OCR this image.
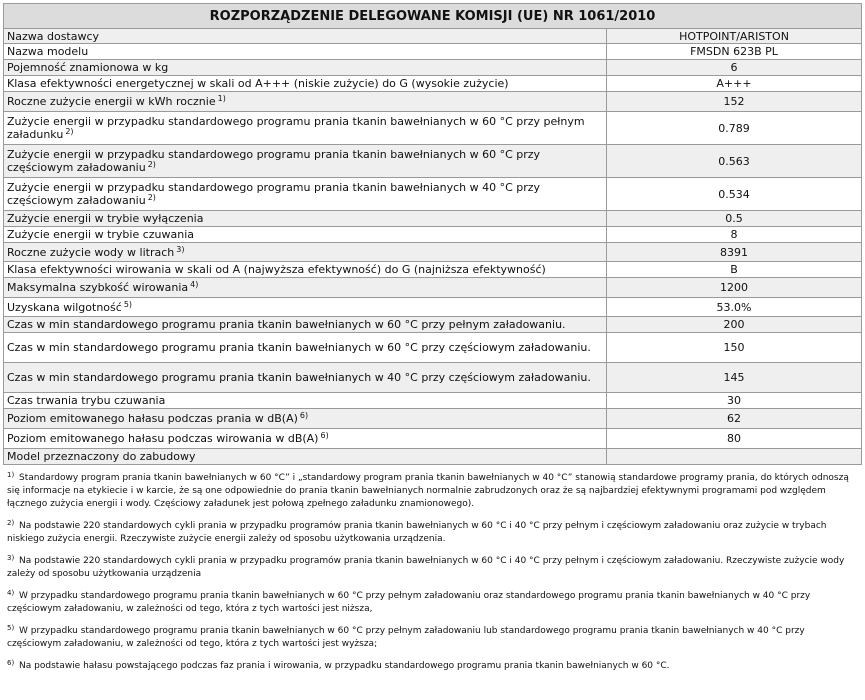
ROZPORZĄDZENIE DELEGOWANE KOMISJI (UE) NR 1061/2010	
Nazwa dostawcy	HOTPOINT/ARISTON
Nazwa modelu	FMSDN 623B PL
Pojemność znamionowa w kg	6
Klasa efektywności energetycznej w skali od A+++ (niskie zużycie) do G (wysokie zużycie)	A+++
Roczne zużycie energii w kWh rocznie $^{1)}$	152
Zużycie energii w przypadku standardowego programu prania tkanin bawełnianych w 60 °C przy pełnym załadunku $^{2)}$	0.789
Zużycie energii w przypadku standardowego programu prania tkanin bawełnianych w 60 °C przy częściowym załadowaniu $^{2)}$	0.563
Zużycie energii w przypadku standardowego programu prania tkanin bawełnianych w 40 °C przy częściowym załadowaniu $^{2)}$	0.534
Zużycie energii w trybie wyłączenia	0.5
Zużycie energii w trybie czuwania	8
Roczne zużycie wody w litrach $^{3)}$	8391
Klasa efektywności wirowania w skali od A (najwyższa efektywność) do G (najniższa efektywność)	B
Maksymalna szybkość wirowania $^{4)}$	1200
Uzyskana wilgotność $^{5)}$	53.0%
Czas w min standardowego programu prania tkanin bawełnianych w 60 °C przy pełnym załadowaniu.	200
Czas w min standardowego programu prania tkanin bawełnianych w 60 °C przy częściowym załadowaniu.	150
Czas w min standardowego programu prania tkanin bawełnianych w 40 °C przy częściowym załadowaniu.	145
Czas trwania trybu czuwania	30
Poziom emitowanego hałasu podczas prania w dB(A) $^{6)}$	62
Poziom emitowanego hałasu podczas wirowania w dB(A) $^{6)}$	80
Model przeznaczony do zabudowy	
$^{1)}$ Standardowy program prania tkanin bawełnianych w 60 °C” i „standardowy program prania tkanin bawełnianych w 40 °C” stanowią standardowe programy prania, do których odnoszą się informacje na etykiecie i w karcie, że są one odpowiednie do prania tkanin bawełnianych normalnie zabrudzonych oraz że są najbardziej efektywnymi programami pod względem łącznego zużycia energii i wody. Częściowy załadunek jest połową zpełnego załadunku znamionowego).
$^{2)}$ Na podstawie 220 standardowych cykli prania w przypadku programów prania tkanin bawełnianych w 60 °C i 40 °C przy pełnym i częściowym załadowaniu oraz zużycie w trybach niskiego zużycia energii. Rzeczywiste zużycie energii zależy od sposobu użytkowania urządzenia.
$^{3)}$ Na podstawie 220 standardowych cykli prania w przypadku programów prania tkanin bawełnianych w 60 °C i 40 °C przy pełnym i częściowym załadowaniu. Rzeczywiste zużycie wody zależy od sposobu użytkowania urządzenia
$^{4)}$ W przypadku standardowego programu prania tkanin bawełnianych w 60 °C przy pełnym załadowaniu oraz standardowego programu prania tkanin bawełnianych w 40 °C przy częściowym załadowaniu, w zależności od tego, która z tych wartości jest niższa,
$^{5)}$ W przypadku standardowego programu prania tkanin bawełnianych w 60 °C przy pełnym załadowaniu lub standardowego programu prania tkanin bawełnianych w 40 °C przy częściowym załadowaniu, w zależności od tego, która z tych wartości jest wyższa;
$^{6)}$ Na podstawie hałasu powstającego podczas faz prania i wirowania, w przypadku standardowego programu prania tkanin bawełnianych w 60 °C.
